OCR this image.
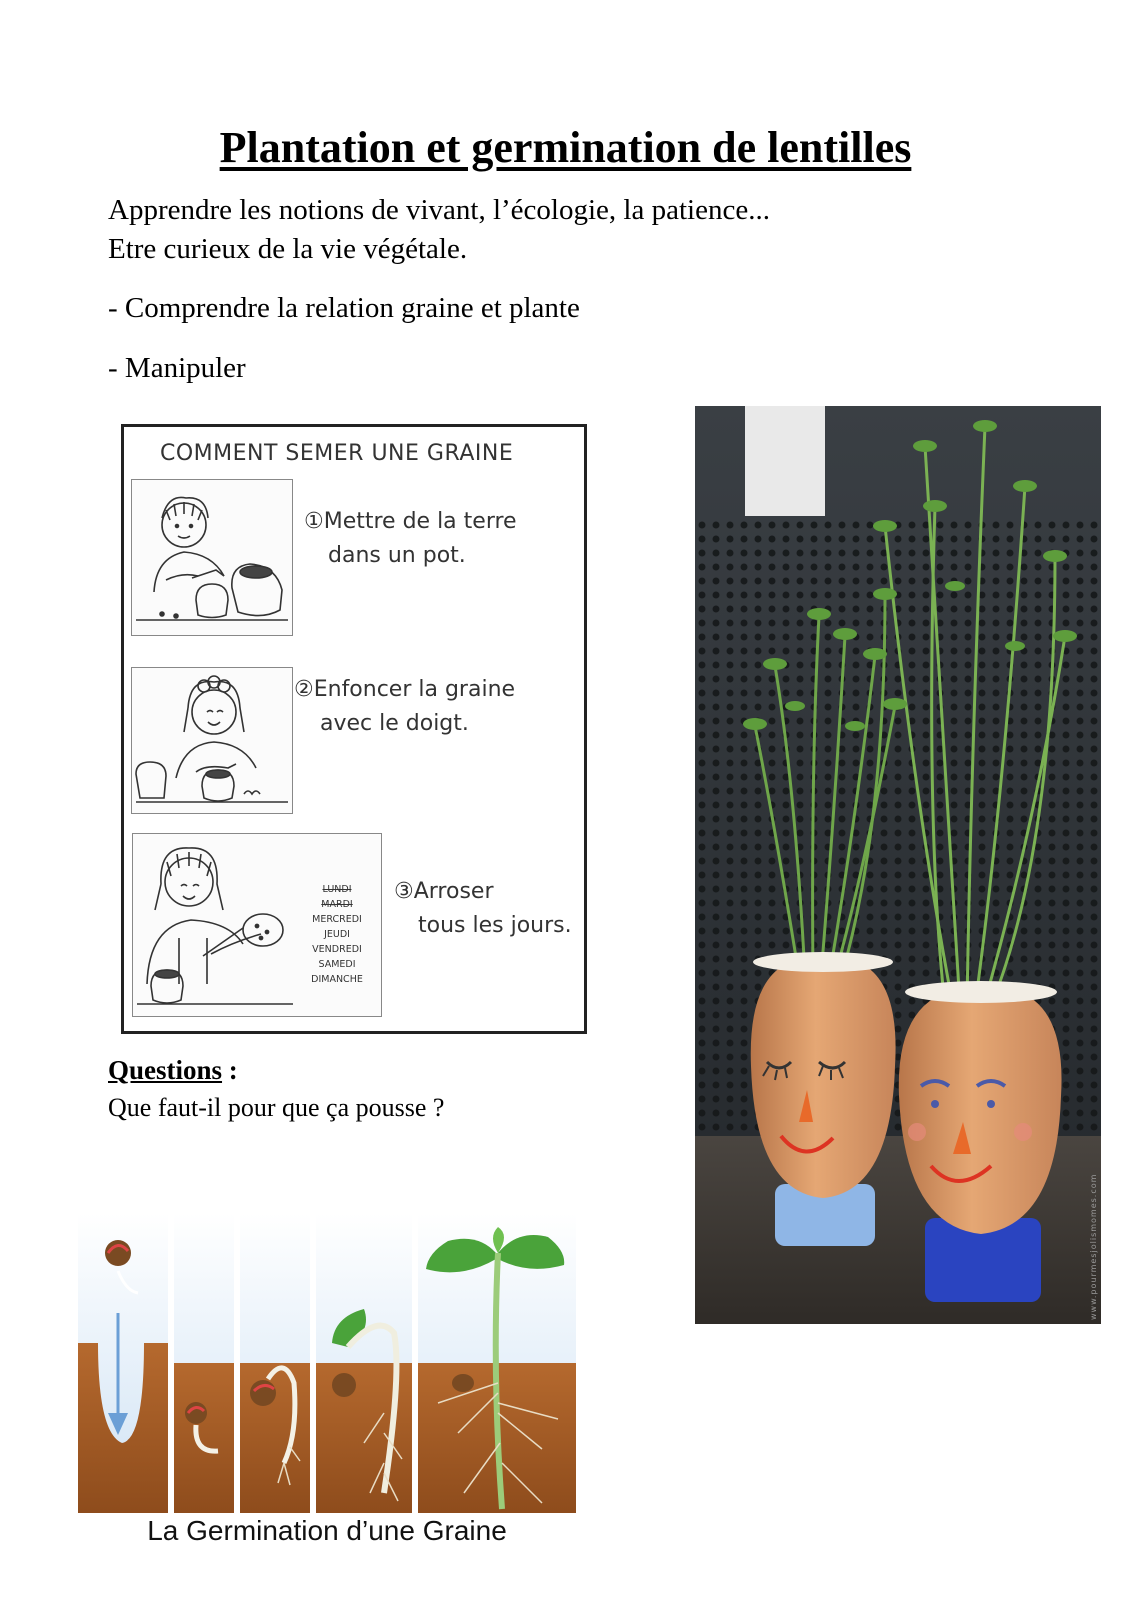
Plantation et germination de lentilles
Apprendre les notions de vivant, l’écologie, la patience...
Etre curieux de la vie végétale.
- Comprendre la relation graine et plante
- Manipuler
COMMENT SEMER UNE GRAINE
①Mettre de la terre
dans un pot.
②Enfoncer la graine
avec le doigt.
LUNDI
MARDI
MERCREDI
JEUDI
VENDREDI
SAMEDI
DIMANCHE
③Arroser
tous les jours.
Questions :
Que faut-il pour que ça pousse ?
La Germination d’une Graine
www.pourmesjolismomes.com
